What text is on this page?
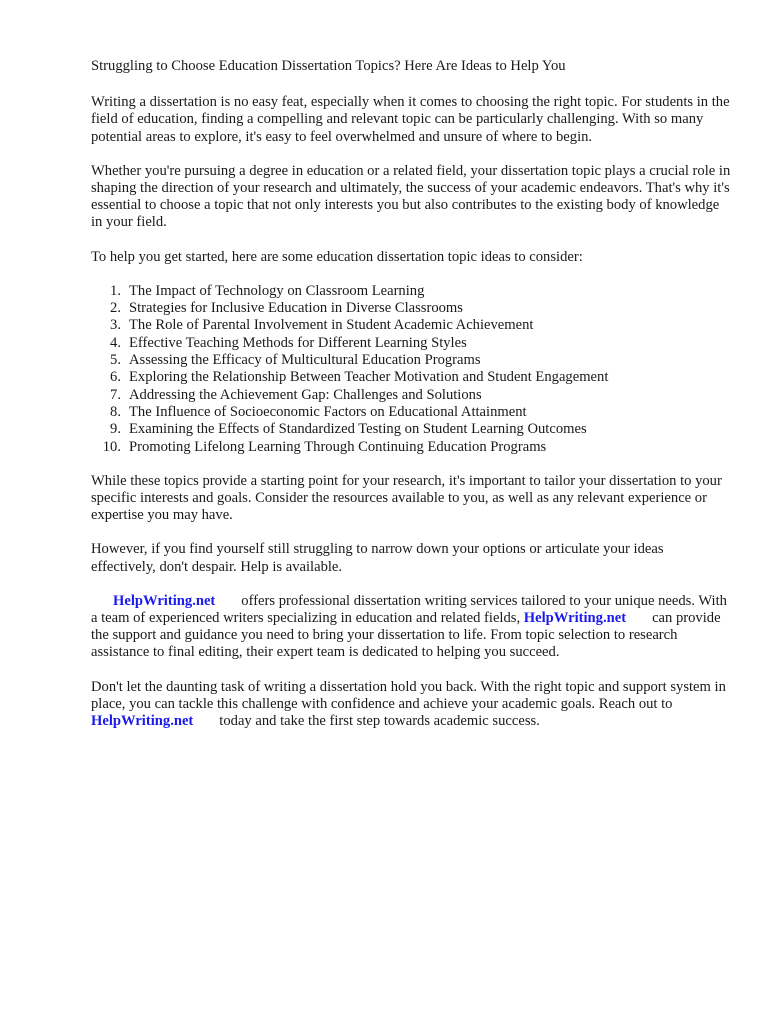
Struggling to Choose Education Dissertation Topics? Here Are Ideas to Help You

Writing a dissertation is no easy feat, especially when it comes to choosing the right topic. For students in the field of education, finding a compelling and relevant topic can be particularly challenging. With so many potential areas to explore, it's easy to feel overwhelmed and unsure of where to begin.

Whether you're pursuing a degree in education or a related field, your dissertation topic plays a crucial role in shaping the direction of your research and ultimately, the success of your academic endeavors. That's why it's essential to choose a topic that not only interests you but also contributes to the existing body of knowledge in your field.

To help you get started, here are some education dissertation topic ideas to consider:

1. The Impact of Technology on Classroom Learning
2. Strategies for Inclusive Education in Diverse Classrooms
3. The Role of Parental Involvement in Student Academic Achievement
4. Effective Teaching Methods for Different Learning Styles
5. Assessing the Efficacy of Multicultural Education Programs
6. Exploring the Relationship Between Teacher Motivation and Student Engagement
7. Addressing the Achievement Gap: Challenges and Solutions
8. The Influence of Socioeconomic Factors on Educational Attainment
9. Examining the Effects of Standardized Testing on Student Learning Outcomes
10. Promoting Lifelong Learning Through Continuing Education Programs

While these topics provide a starting point for your research, it's important to tailor your dissertation to your specific interests and goals. Consider the resources available to you, as well as any relevant experience or expertise you may have.

However, if you find yourself still struggling to narrow down your options or articulate your ideas effectively, don't despair. Help is available.

HelpWriting.net offers professional dissertation writing services tailored to your unique needs. With a team of experienced writers specializing in education and related fields, HelpWriting.net can provide the support and guidance you need to bring your dissertation to life. From topic selection to research assistance to final editing, their expert team is dedicated to helping you succeed.

Don't let the daunting task of writing a dissertation hold you back. With the right topic and support system in place, you can tackle this challenge with confidence and achieve your academic goals. Reach out toHelpWriting.net today and take the first step towards academic success.
